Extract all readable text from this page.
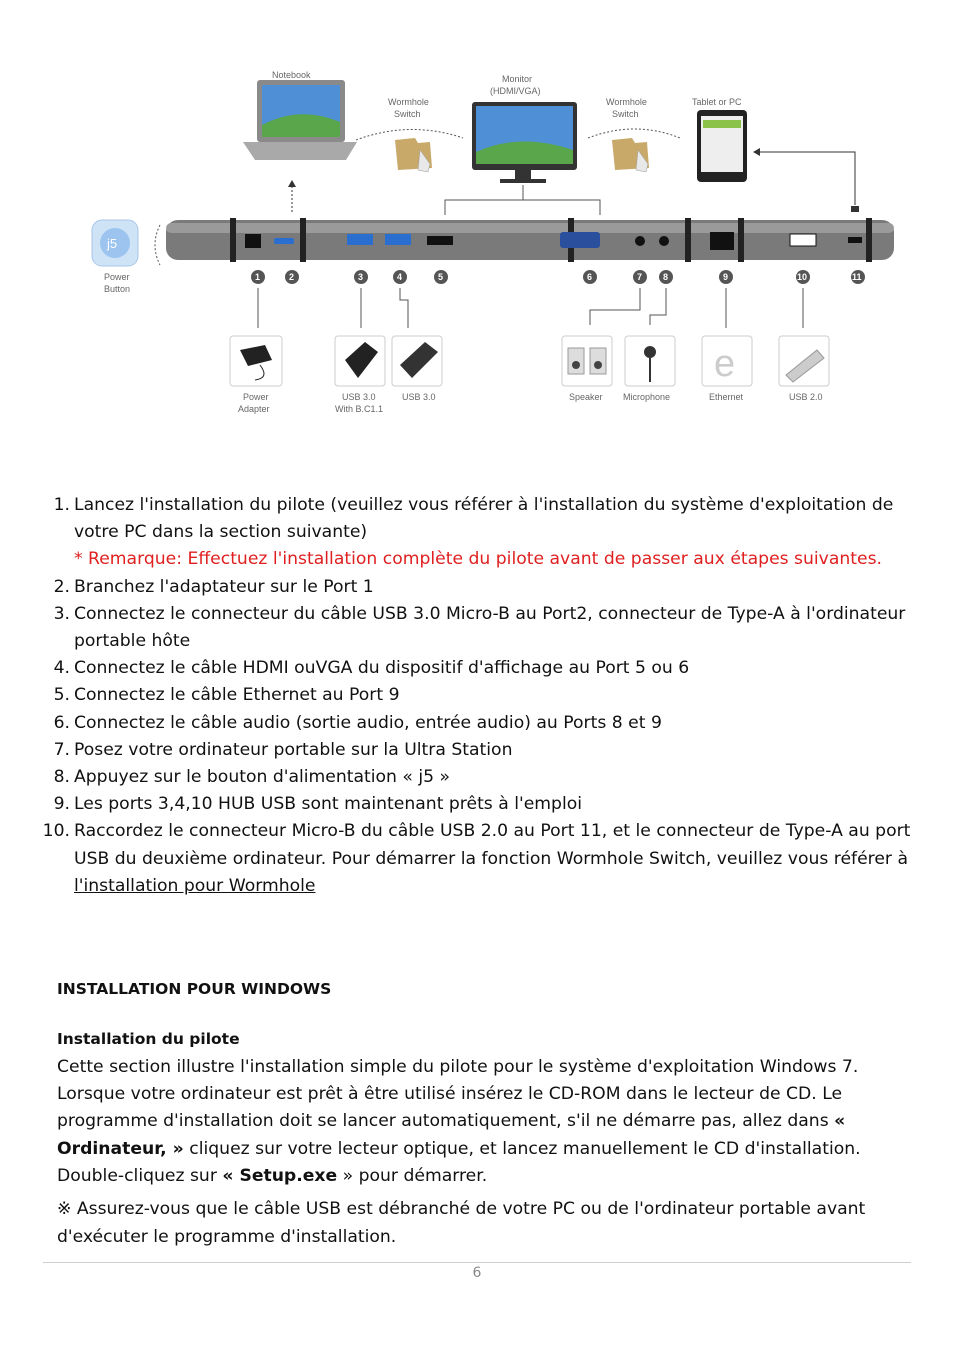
Notebook
Wormhole
Switch
Monitor
(HDMI/VGA)
Wormhole
Switch
Tablet or PC
j5
Power
Button
1	2	3	4	5	6	7 8	9	10	11
Power
Adapter
USB 3.0
With B.C1.1
USB 3.0	Speaker Microphone
e
Ethernet	USB 2.0
1. Lancez l'installation du pilote (veuillez vous référer à l'installation du système d'exploitation de votre PC dans la section suivante)
* Remarque: Effectuez l'installation complète du pilote avant de passer aux étapes suivantes.
2. Branchez l'adaptateur sur le Port 1
3. Connectez le connecteur du câble USB 3.0 Micro-B au Port2, connecteur de Type-A à l'ordinateur portable hôte
4. Connectez le câble HDMI ouVGA du dispositif d'affichage au Port 5 ou 6
5. Connectez le câble Ethernet au Port 9
6. Connectez le câble audio (sortie audio, entrée audio) au Ports 8 et 9
7. Posez votre ordinateur portable sur la Ultra Station
8. Appuyez sur le bouton d'alimentation « j5 »
9. Les ports 3,4,10 HUB USB sont maintenant prêts à l'emploi
10. Raccordez le connecteur Micro-B du câble USB 2.0 au Port 11, et le connecteur de Type-A au port USB du deuxième ordinateur. Pour démarrer la fonction Wormhole Switch, veuillez vous référer à l'installation pour Wormhole
INSTALLATION POUR WINDOWS
Installation du pilote

Cette section illustre l'installation simple du pilote pour le système d'exploitation Windows 7. Lorsque votre ordinateur est prêt à être utilisé insérez le CD-ROM dans le lecteur de CD. Le programme d'installation doit se lancer automatiquement, s'il ne démarre pas, allez dans « Ordinateur, » cliquez sur votre lecteur optique, et lancez manuellement le CD d'installation. Double-cliquez sur « Setup.exe » pour démarrer.

※ Assurez-vous que le câble USB est débranché de votre PC ou de l'ordinateur portable avant d'exécuter le programme d'installation.

6
